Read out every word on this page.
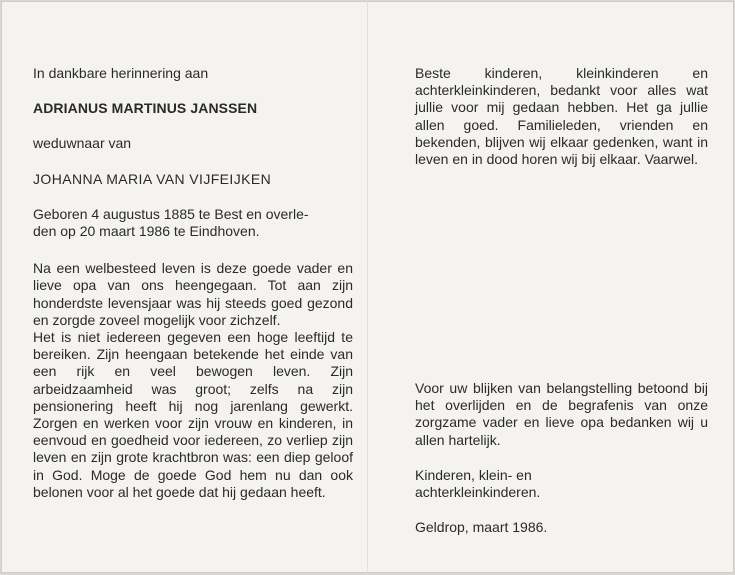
In dankbare herinnering aan

ADRIANUS MARTINUS JANSSEN

weduwnaar van

JOHANNA MARIA VAN VIJFEIJKEN

Geboren 4 augustus 1885 te Best en overle-

den op 20 maart 1986 te Eindhoven.

Na een welbesteed leven is deze goede vader en lieve opa van ons heengegaan. Tot aan zijn honderdste levensjaar was hij steeds goed gezond en zorgde zoveel mogelijk voor zichzelf.

Het is niet iedereen gegeven een hoge leeftijd te bereiken. Zijn heengaan betekende het einde van een rijk en veel bewogen leven. Zijn arbeidzaamheid was groot; zelfs na zijn pensionering heeft hij nog jarenlang gewerkt. Zorgen en werken voor zijn vrouw en kinderen, in eenvoud en goedheid voor iedereen, zo verliep zijn leven en zijn grote krachtbron was: een diep geloof in God. Moge de goede God hem nu dan ook belonen voor al het goede dat hij gedaan heeft.

Beste kinderen, kleinkinderen en achterkleinkinderen, bedankt voor alles wat jullie voor mij gedaan hebben. Het ga jullie allen goed. Familieleden, vrienden en bekenden, blijven wij elkaar gedenken, want in leven en in dood horen wij bij elkaar. Vaarwel.

Voor uw blijken van belangstelling betoond bij het overlijden en de begrafenis van onze zorgzame vader en lieve opa bedanken wij u allen hartelijk.

Kinderen, klein- en

achterkleinkinderen.

Geldrop, maart 1986.
